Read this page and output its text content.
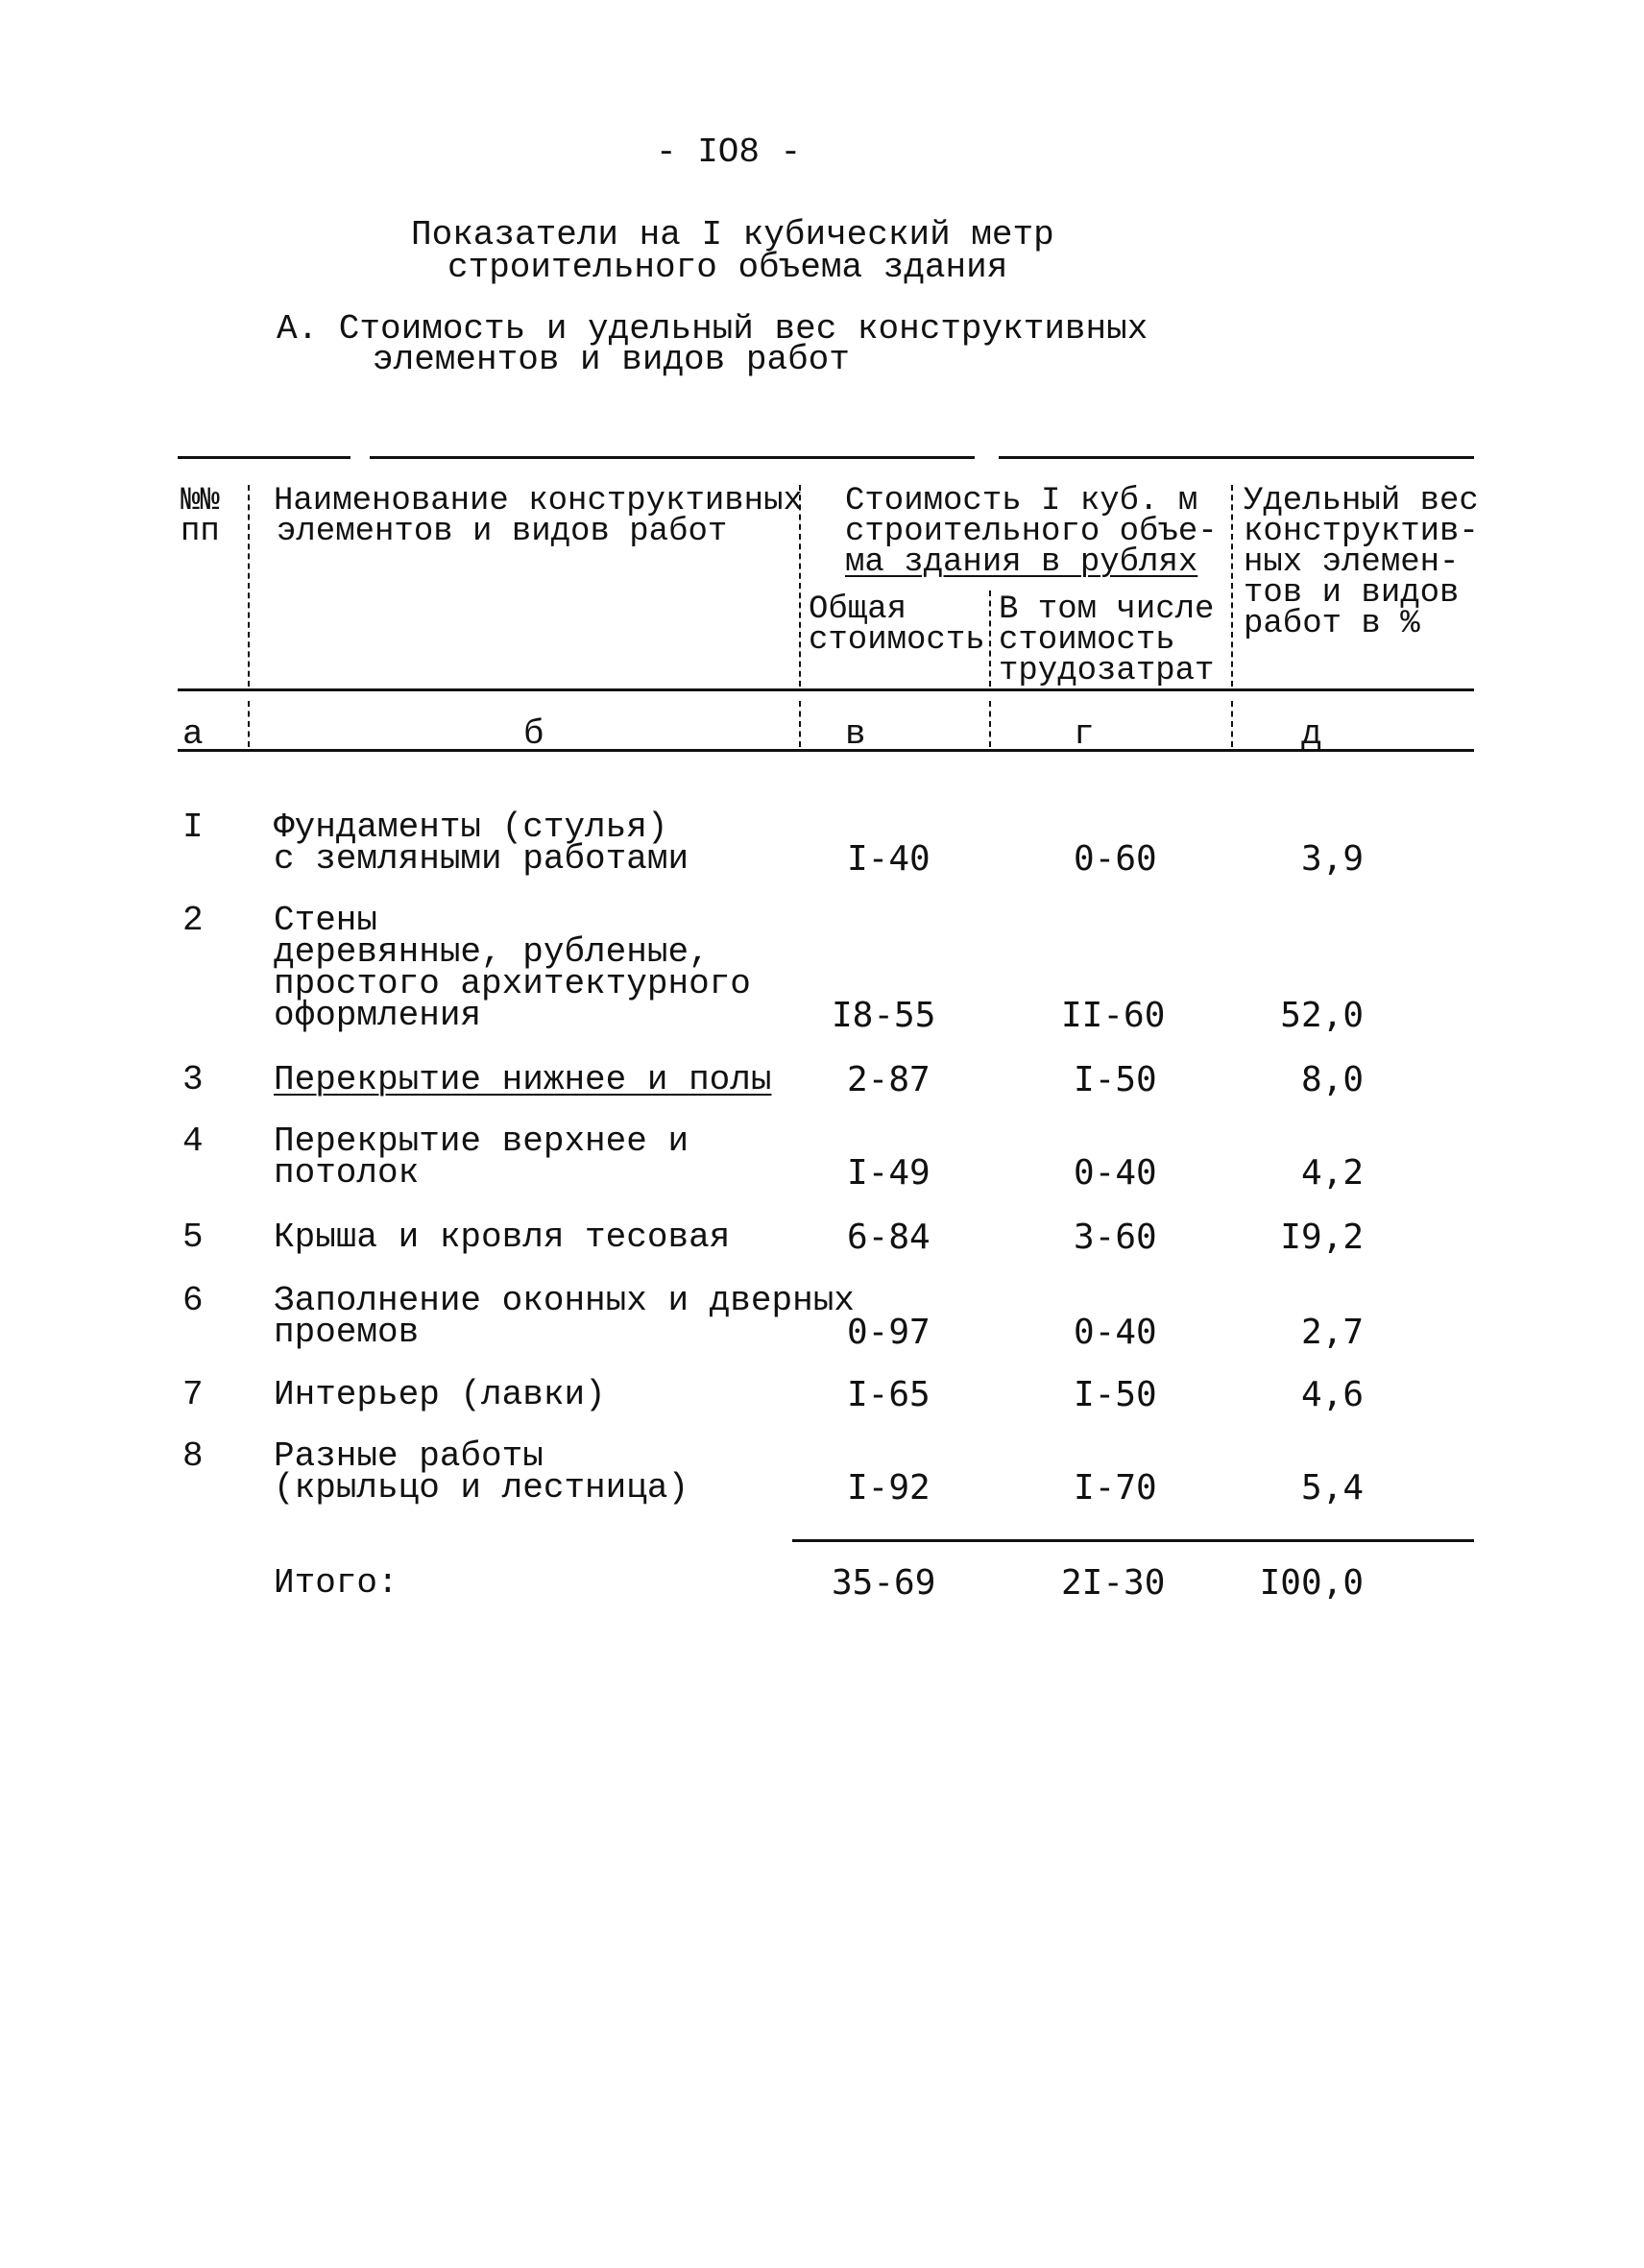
- IO8 -
Показатели на I кубический метр
строительного объема здания
А. Стоимость и удельный вес конструктивных
элементов и видов работ
№№
пп
Наименование конструктивных
элементов и видов работ
Стоимость I куб. м
строительного объе-
ма здания в рублях
Общая
стоимость
В том числе
стоимость
трудозатрат
Удельный вес
конструктив-
ных элемен-
тов и видов
работ в %
а	б	в	г	д
I Фундаменты (стулья)
с земляными работами	I-40	0-60	3,9
2 Стены
деревянные, рубленые,
простого архитектурного
оформления	I8-55	II-60	52,0
3 Перекрытие нижнее и полы 2-87	I-50	8,0
4 Перекрытие верхнее и
потолок	I-49	0-40	4,2
5 Крыша и кровля тесовая	6-84	3-60	I9,2
6 Заполнение оконных и дверных
проемов	0-97	0-40	2,7
7 Интерьер (лавки)	I-65	I-50	4,6
8 Разные работы
(крыльцо и лестница)	I-92	I-70	5,4
Итого:	35-69	2I-30	I00,0
